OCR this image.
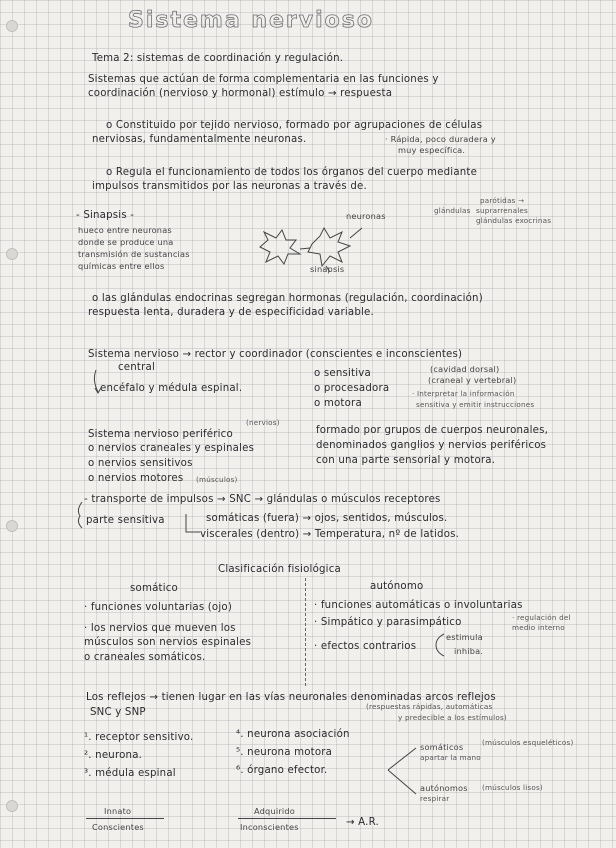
Sistema nervioso
Tema 2: sistemas de coordinación y regulación.
Sistemas que actúan de forma complementaria en las funciones y
coordinación (nervioso y hormonal) estímulo → respuesta
o Constituido por tejido nervioso, formado por agrupaciones de células
nerviosas, fundamentalmente neuronas.	· Rápida, poco duradera y
muy específica.
o Regula el funcionamiento de todos los órganos del cuerpo mediante
impulsos transmitidos por las neuronas a través de.
glándulas
parótidas →
suprarrenales
glándulas exocrinas
- Sinapsis -
hueco entre neuronas
donde se produce una
transmisión de sustancias
químicas entre ellos
neuronas
sinapsis
o las glándulas endocrinas segregan hormonas (regulación, coordinación)
respuesta lenta, duradera y de especificidad variable.
Sistema nervioso → rector y coordinador (conscientes e inconscientes)
central
encéfalo y médula espinal.
o sensitiva
o procesadora
o motora
(cavidad dorsal)
(craneal y vertebral)
· Interpretar la información
sensitiva y emitir instrucciones
Sistema nervioso periférico
(nervios)
o nervios craneales y espinales
o nervios sensitivos
o nervios motores (músculos)
formado por grupos de cuerpos neuronales,
denominados ganglios y nervios periféricos
con una parte sensorial y motora.
- transporte de impulsos → SNC → glándulas o músculos receptores
parte sensitiva	somáticas (fuera) → ojos, sentidos, músculos.
viscerales (dentro) → Temperatura, nº de latidos.
Clasificación fisiológica
somático	autónomo
· funciones voluntarias (ojo)
· los nervios que mueven los
músculos son nervios espinales
o craneales somáticos.
· funciones automáticas o involuntarias
· Simpático y parasimpático	· regulación del
medio interno
· efectos contrarios
estimula
inhiba.
Los reflejos → tienen lugar en las vías neuronales denominadas arcos reflejos
SNC y SNP
(respuestas rápidas, automáticas
y predecible a los estímulos)
¹. receptor sensitivo.
². neurona.
³. médula espinal
⁴. neurona asociación
⁵. neurona motora
⁶. órgano efector.
somáticos	(músculos esqueléticos)
apartar la mano
autónomos (músculos lisos)
respirar
Innato
Conscientes
Adquirido
Inconscientes	→ A.R.
